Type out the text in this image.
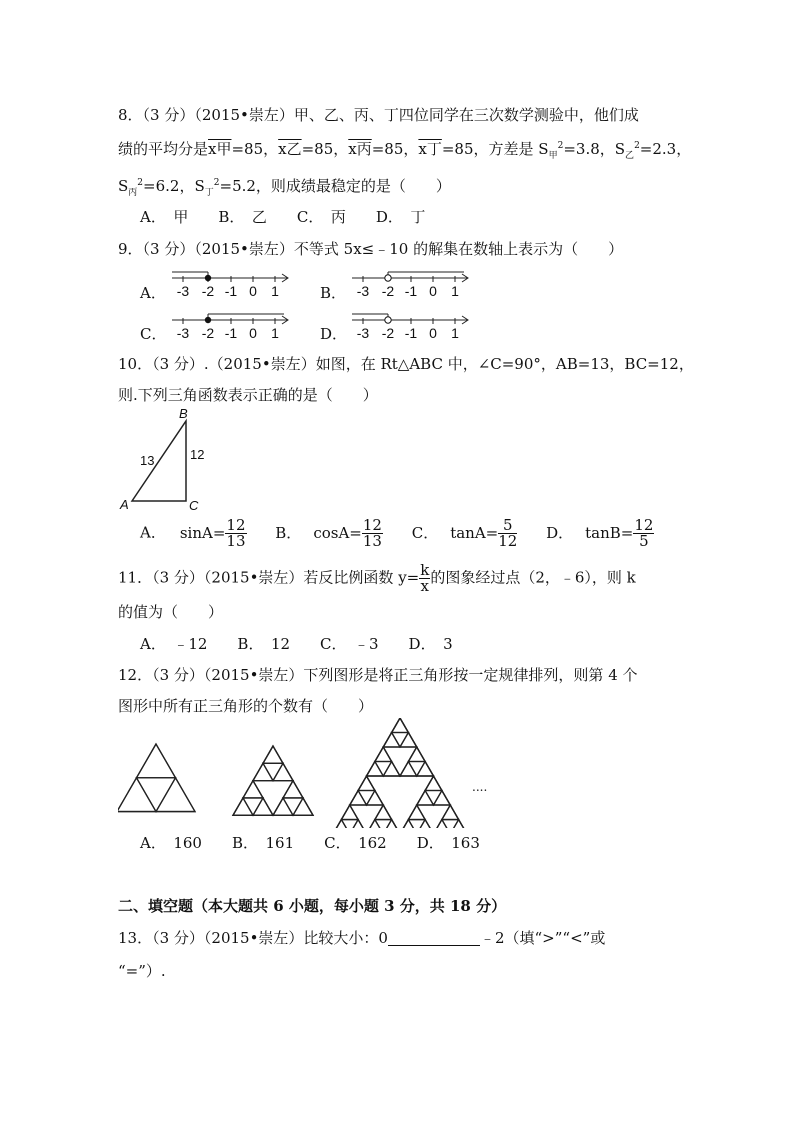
8．（3 分）（2015•崇左）甲、乙、丙、丁四位同学在三次数学测验中，他们成
绩的平均分是x甲=85，x乙=85，x丙=85，x丁=85，方差是 $S_甲^2=3.8$，$S_乙^2=2.3$，
$S_丙^2=6.2$，$S_丁^2=5.2$，则成绩最稳定的是（　　）
A．　甲　　B．　乙　　C．　丙　　D．　丁
9．（3 分）（2015•崇左）不等式 5x≤﹣10 的解集在数轴上表示为（　　）
A． -3 -2 -1 0 1	B． -3 -2 -1 0 1
C． -3 -2 -1 0 1	D． -3 -2 -1 0 1
10．（3 分）.（2015•崇左）如图，在 Rt△ABC 中，∠C=90°，AB=13，BC=12，
则.下列三角函数表示正确的是（　　）
B
A	C
13	12
A． $\sin A= \frac{12}{13}$ B． $\cos A= \frac{12}{13}$ C． $\tan A= \frac{5}{12}$ D． $\tan B= \frac{12}{5}$
11．（3 分）（2015•崇左）若反比例函数 $y= \frac{k}{x}$ 的图象经过点（2，﹣6），则 k
的值为（　　）
A．　﹣12　　B．　12　　C．　﹣3　　D．　3
12．（3 分）（2015•崇左）下列图形是将正三角形按一定规律排列，则第 4 个
图形中所有正三角形的个数有（　　）
....
A．　160　　B．　161　　C．　162　　D．　163
二、填空题（本大题共 6 小题，每小题 3 分，共 18 分）
13．（3 分）（2015•崇左）比较大小：0	﹣2（填“>”“<”或
“=”）.
